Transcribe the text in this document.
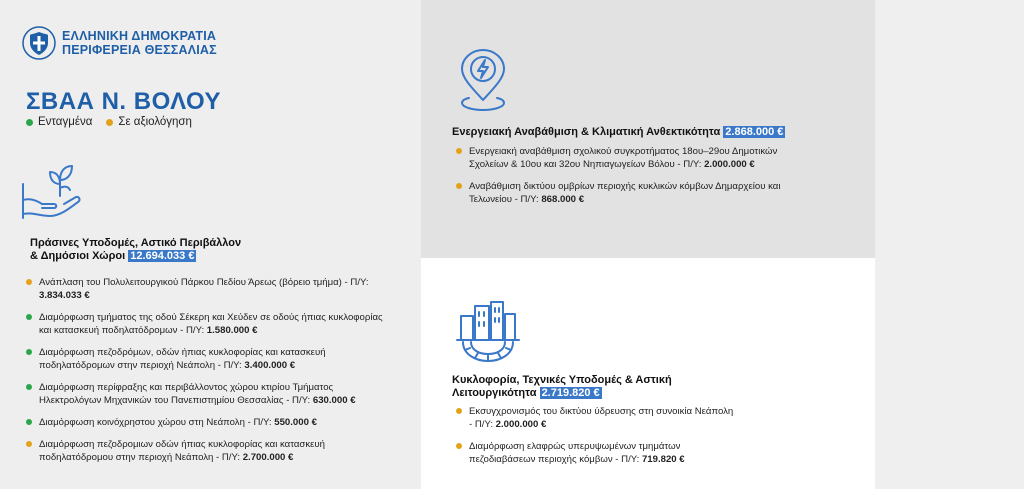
ΕΛΛΗΝΙΚΗ ΔΗΜΟΚΡΑΤΙΑ
ΠΕΡΙΦΕΡΕΙΑ ΘΕΣΣΑΛΙΑΣ
ΣΒΑΑ Ν. ΒΟΛΟΥ
Ενταγμένα Σε αξιολόγηση
Πράσινες Υποδομές, Αστικό Περιβάλλον
& Δημόσιοι Χώροι 12.694.033 €
Ανάπλαση του Πολυλειτουργικού Πάρκου Πεδίου Άρεως (βόρειο τμήμα) - Π/Υ: 3.834.033 €
Διαμόρφωση τμήματος της οδού Σέκερη και Χεύδεν σε οδούς ήπιας κυκλοφορίας και κατασκευή ποδηλατόδρομων - Π/Υ: 1.580.000 €
Διαμόρφωση πεζοδρόμων, οδών ήπιας κυκλοφορίας και κατασκευή ποδηλατόδρομων στην περιοχή Νεάπολη - Π/Υ: 3.400.000 €
Διαμόρφωση περίφραξης και περιβάλλοντος χώρου κτιρίου Τμήματος Ηλεκτρολόγων Μηχανικών του Πανεπιστημίου Θεσσαλίας - Π/Υ: 630.000 €
Διαμόρφωση κοινόχρηστου χώρου στη Νεάπολη - Π/Υ: 550.000 €
Διαμόρφωση πεζοδρομιων οδών ήπιας κυκλοφορίας και κατασκευή ποδηλατόδρομου στην περιοχή Νεάπολη - Π/Υ: 2.700.000 €
Ενεργειακή Αναβάθμιση & Κλιματική Ανθεκτικότητα 2.868.000 €
Ενεργειακή αναβάθμιση σχολικού συγκροτήματος 18ου–29ου Δημοτικών Σχολείων & 10ου και 32ου Νηπιαγωγείων Βόλου - Π/Υ: 2.000.000 €
Αναβάθμιση δικτύου ομβρίων περιοχής κυκλικών κόμβων Δημαρχείου και Τελωνείου - Π/Υ: 868.000 €
Κυκλοφορία, Τεχνικές Υποδομές & Αστική
Λειτουργικότητα 2.719.820 €
Εκσυγχρονισμός του δικτύου ύδρευσης στη συνοικία Νεάπολη - Π/Υ: 2.000.000 €
Διαμόρφωση ελαφρώς υπερυψωμένων τμημάτων πεζοδιαβάσεων περιοχής κόμβων - Π/Υ: 719.820 €
